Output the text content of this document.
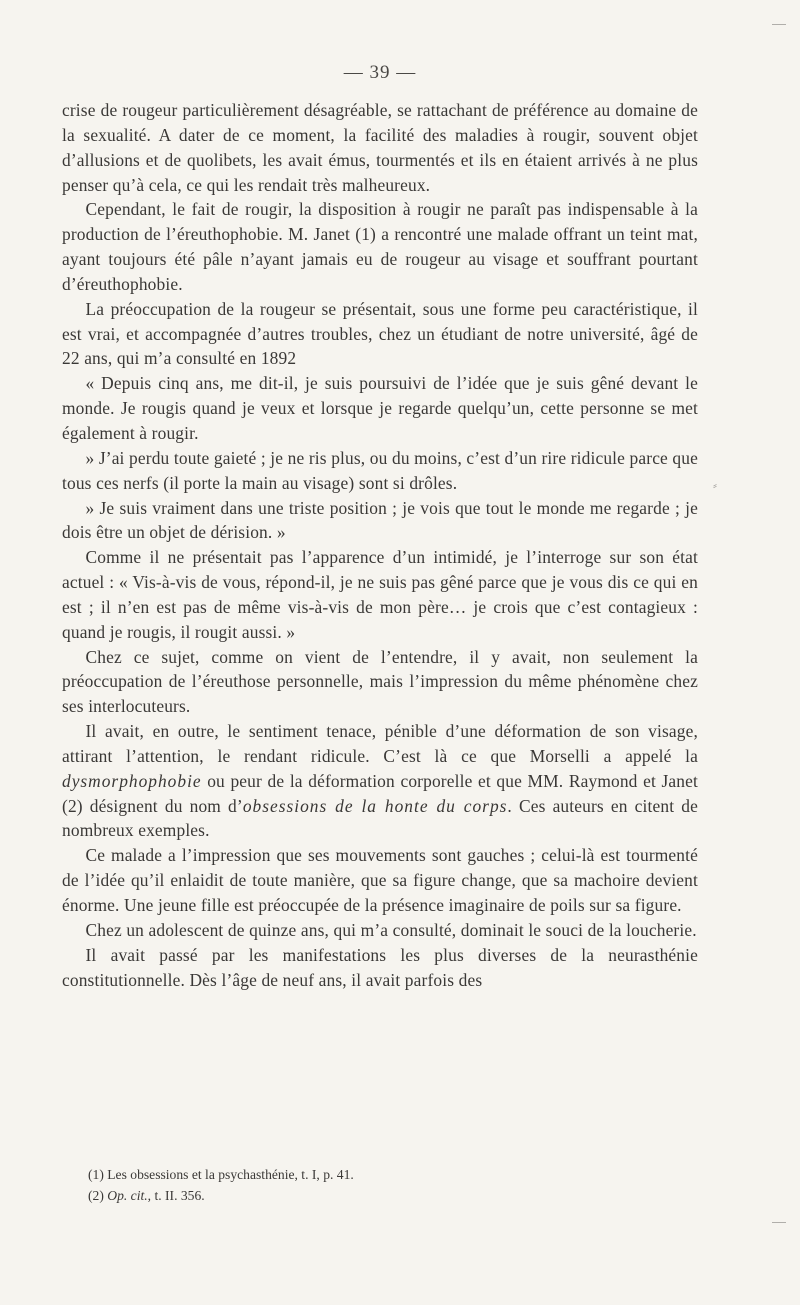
— 39 —

crise de rougeur particulièrement désagréable, se rattachant de préférence au domaine de la sexualité. A dater de ce moment, la facilité des maladies à rougir, souvent objet d’allusions et de quolibets, les avait émus, tourmentés et ils en étaient arrivés à ne plus penser qu’à cela, ce qui les rendait très malheureux.

Cependant, le fait de rougir, la disposition à rougir ne paraît pas indispensable à la production de l’éreuthophobie. M. Janet (1) a rencontré une malade offrant un teint mat, ayant toujours été pâle n’ayant jamais eu de rougeur au visage et souffrant pourtant d’éreuthophobie.

La préoccupation de la rougeur se présentait, sous une forme peu caractéristique, il est vrai, et accompagnée d’autres troubles, chez un étudiant de notre université, âgé de 22 ans, qui m’a consulté en 1892

« Depuis cinq ans, me dit-il, je suis poursuivi de l’idée que je suis gêné devant le monde. Je rougis quand je veux et lorsque je regarde quelqu’un, cette personne se met également à rougir.

» J’ai perdu toute gaieté ; je ne ris plus, ou du moins, c’est d’un rire ridicule parce que tous ces nerfs (il porte la main au visage) sont si drôles.

» Je suis vraiment dans une triste position ; je vois que tout le monde me regarde ; je dois être un objet de dérision. »

Comme il ne présentait pas l’apparence d’un intimidé, je l’interroge sur son état actuel : « Vis-à-vis de vous, répond-il, je ne suis pas gêné parce que je vous dis ce qui en est ; il n’en est pas de même vis-à-vis de mon père… je crois que c’est contagieux : quand je rougis, il rougit aussi. »

Chez ce sujet, comme on vient de l’entendre, il y avait, non seulement la préoccupation de l’éreuthose personnelle, mais l’impression du même phénomène chez ses interlocuteurs.

Il avait, en outre, le sentiment tenace, pénible d’une déformation de son visage, attirant l’attention, le rendant ridicule. C’est là ce que Morselli a appelé la dysmorphophobie ou peur de la déformation corporelle et que MM. Raymond et Janet (2) désignent du nom d’obsessions de la honte du corps. Ces auteurs en citent de nombreux exemples.

Ce malade a l’impression que ses mouvements sont gauches ; celui-là est tourmenté de l’idée qu’il enlaidit de toute manière, que sa figure change, que sa machoire devient énorme. Une jeune fille est préoccupée de la présence imaginaire de poils sur sa figure.

Chez un adolescent de quinze ans, qui m’a consulté, dominait le souci de la loucherie.

Il avait passé par les manifestations les plus diverses de la neurasthénie constitutionnelle. Dès l’âge de neuf ans, il avait parfois des

(1) Les obsessions et la psychasthénie, t. I, p. 41.
(2) Op. cit., t. II. 356.
⸗
